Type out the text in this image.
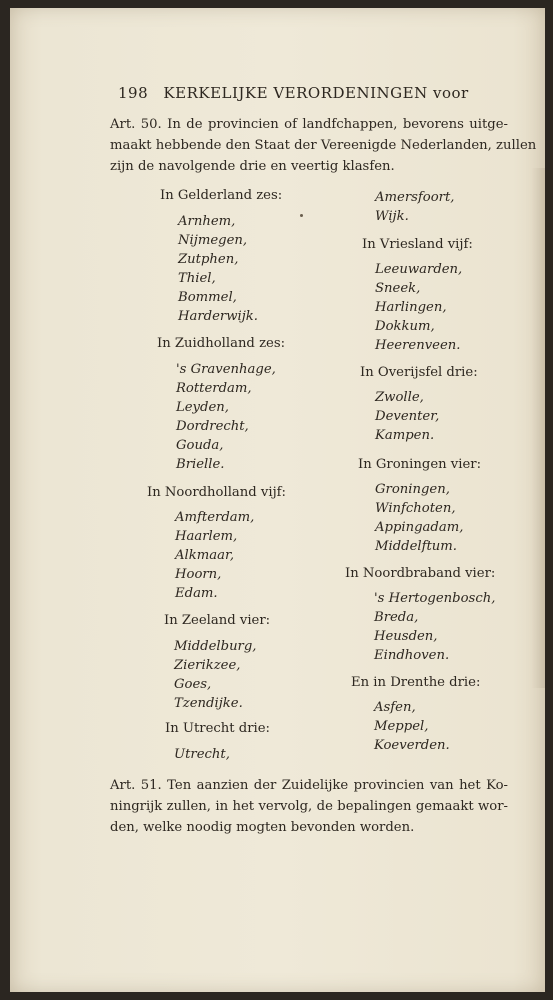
198 KERKELIJKE VERORDENINGEN voor
Art. 50. In de provincien of landfchappen, bevorens uitge-
maakt hebbende den Staat der Vereenigde Nederlanden, zullen
zijn de navolgende drie en veertig klasfen.
In Gelderland zes:
Arnhem,
Nijmegen,
Zutphen,
Thiel,
Bommel,
Harderwijk.
In Zuidholland zes:
's Gravenhage,
Rotterdam,
Leyden,
Dordrecht,
Gouda,
Brielle.
In Noordholland vijf:
Amfterdam,
Haarlem,
Alkmaar,
Hoorn,
Edam.
In Zeeland vier:
Middelburg,
Zierikzee,
Goes,
Tzendijke.
In Utrecht drie:
Utrecht,
Amersfoort,
Wijk.
In Vriesland vijf:
Leeuwarden,
Sneek,
Harlingen,
Dokkum,
Heerenveen.
In Overijsfel drie:
Zwolle,
Deventer,
Kampen.
In Groningen vier:
Groningen,
Winfchoten,
Appingadam,
Middelftum.
In Noordbraband vier:
's Hertogenbosch,
Breda,
Heusden,
Eindhoven.
En in Drenthe drie:
Asfen,
Meppel,
Koeverden.
Art. 51. Ten aanzien der Zuidelijke provincien van het Ko-
ningrijk zullen, in het vervolg, de bepalingen gemaakt wor-
den, welke noodig mogten bevonden worden.
